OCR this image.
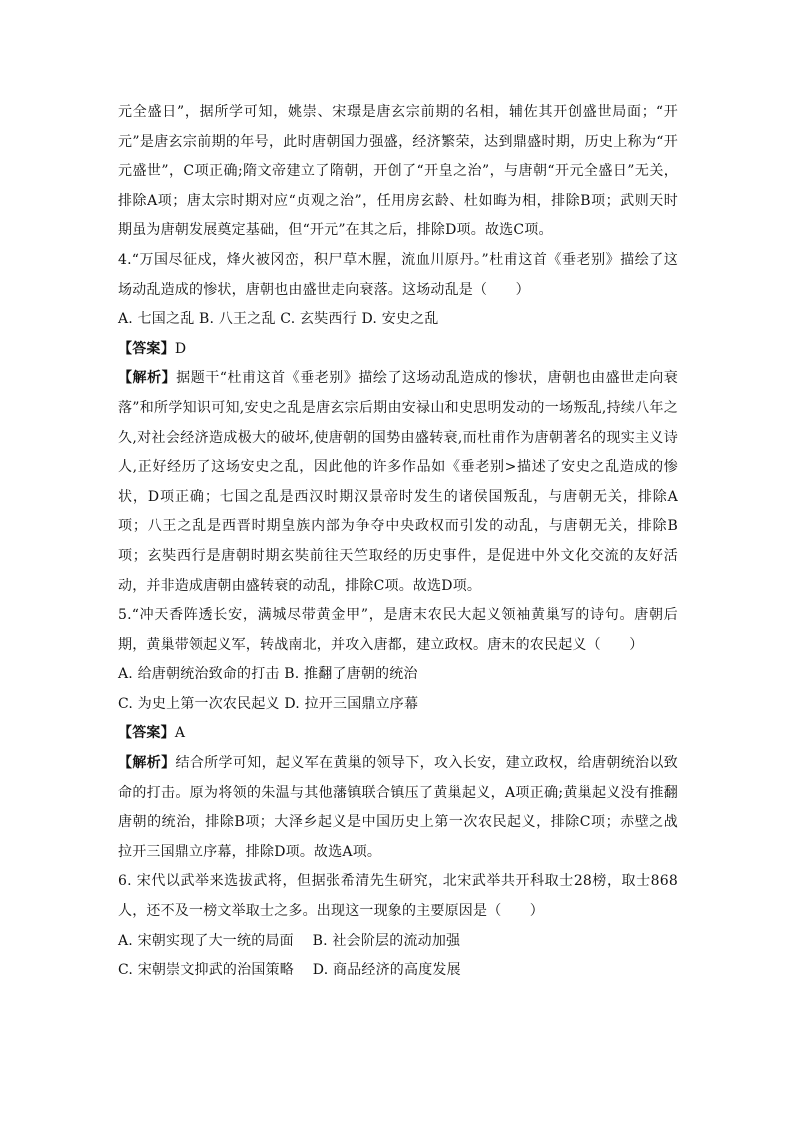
元全盛日”，据所学可知，姚崇、宋璟是唐玄宗前期的名相，辅佐其开创盛世局面；“开元”是唐玄宗前期的年号，此时唐朝国力强盛，经济繁荣，达到鼎盛时期，历史上称为“开元盛世”，C项正确;隋文帝建立了隋朝，开创了“开皇之治”，与唐朝“开元全盛日”无关，排除A项；唐太宗时期对应“贞观之治”，任用房玄龄、杜如晦为相，排除B项；武则天时期虽为唐朝发展奠定基础，但“开元”在其之后，排除D项。故选C项。

4.“万国尽征戍，烽火被冈峦，积尸草木腥，流血川原丹。”杜甫这首《垂老别》描绘了这场动乱造成的惨状，唐朝也由盛世走向衰落。这场动乱是（　　）

A. 七国之乱 B. 八王之乱 C. 玄奘西行 D. 安史之乱

【答案】D

【解析】据题干“杜甫这首《垂老别》描绘了这场动乱造成的惨状，唐朝也由盛世走向衰落”和所学知识可知,安史之乱是唐玄宗后期由安禄山和史思明发动的一场叛乱,持续八年之久,对社会经济造成极大的破坏,使唐朝的国势由盛转衰,而杜甫作为唐朝著名的现实主义诗人,正好经历了这场安史之乱，因此他的许多作品如《垂老别>描述了安史之乱造成的惨状，D项正确；七国之乱是西汉时期汉景帝时发生的诸侯国叛乱，与唐朝无关，排除A项；八王之乱是西晋时期皇族内部为争夺中央政权而引发的动乱，与唐朝无关，排除B项；玄奘西行是唐朝时期玄奘前往天竺取经的历史事件，是促进中外文化交流的友好活动，并非造成唐朝由盛转衰的动乱，排除C项。故选D项。

5.“冲天香阵透长安，满城尽带黄金甲”，是唐末农民大起义领袖黄巢写的诗句。唐朝后期，黄巢带领起义军，转战南北，并攻入唐都，建立政权。唐末的农民起义（　　）

A. 给唐朝统治致命的打击 B. 推翻了唐朝的统治

C. 为史上第一次农民起义 D. 拉开三国鼎立序幕

【答案】A

【解析】结合所学可知，起义军在黄巢的领导下，攻入长安，建立政权，给唐朝统治以致命的打击。原为将领的朱温与其他藩镇联合镇压了黄巢起义，A项正确;黄巢起义没有推翻唐朝的统治，排除B项；大泽乡起义是中国历史上第一次农民起义，排除C项；赤壁之战拉开三国鼎立序幕，排除D项。故选A项。

6. 宋代以武举来选拔武将，但据张希清先生研究，北宋武举共开科取士28榜，取士868人，还不及一榜文举取士之多。出现这一现象的主要原因是（　　）

A. 宋朝实现了大一统的局面　 B. 社会阶层的流动加强

C. 宋朝崇文抑武的治国策略　 D. 商品经济的高度发展
